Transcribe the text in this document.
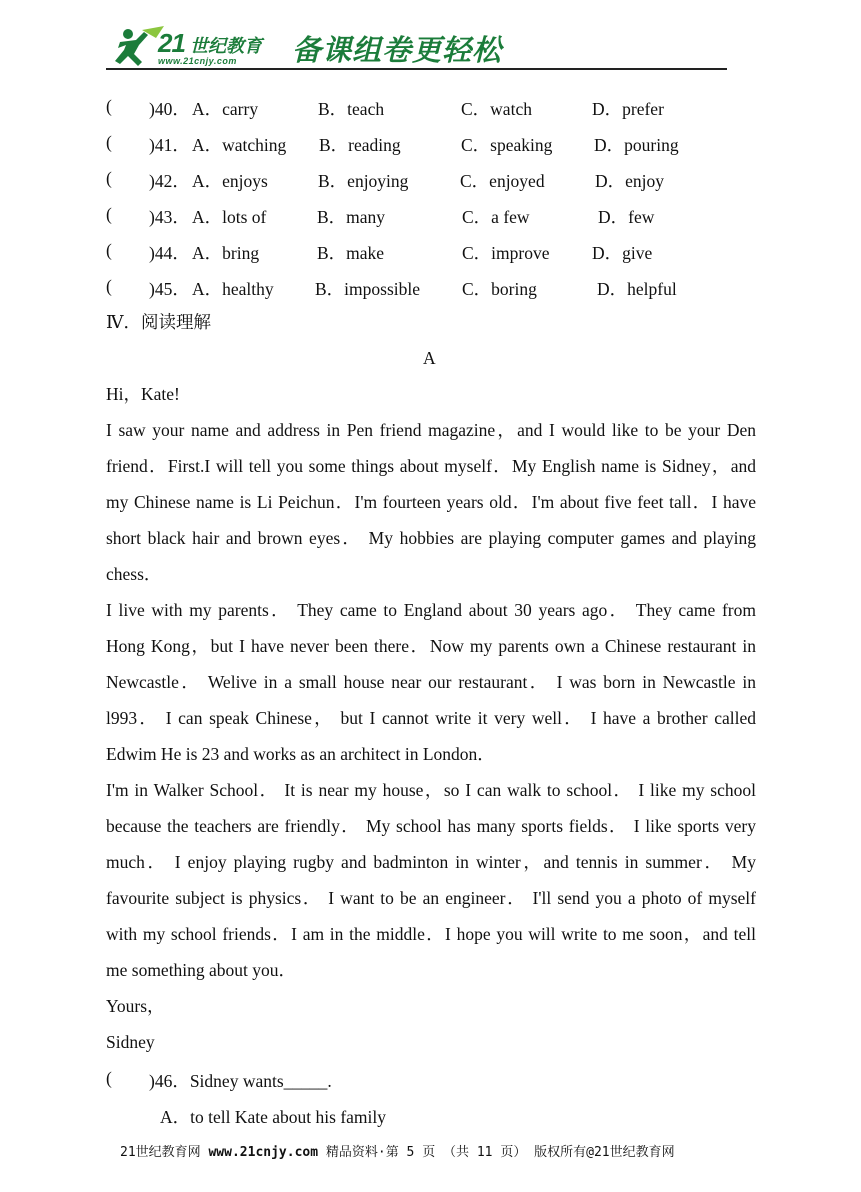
21 世纪教育
www.21cnjy.com 备课组卷更轻松
( )40． A．carry	B．teach	C．watch	D．prefer
( )41． A．watching B．reading	C．speaking D．pouring
( )42． A．enjoys	B．enjoying	C．enjoyed	D．enjoy
( )43． A．lots of	B．many	C．a few	D．few
( )44． A．bring	B．make	C．improve D．give
( )45． A．healthy B．impossible C．boring	D．helpful
Ⅳ．阅读理解
A
Hi，Kate!
I saw your name and address in Pen friend magazine，and I would like to be your Den
friend．First.I will tell you some things about myself．My English name is Sidney，and
my Chinese name is Li Peichun．I'm fourteen years old．I'm about five feet tall．I have
short black hair and brown eyes． My hobbies are playing computer games and playing
chess．
I live with my parents． They came to England about 30 years ago． They came from
Hong Kong，but I have never been there．Now my parents own a Chinese restaurant in
Newcastle． Welive in a small house near our restaurant． I was born in Newcastle in
l993． I can speak Chinese， but I cannot write it very well． I have a brother called
Edwim He is 23 and works as an architect in London．
I'm in Walker School． It is near my house，so I can walk to school． I like my school
because the teachers are friendly． My school has many sports fields． I like sports very
much． I enjoy playing rugby and badminton in winter，and tennis in summer． My
favourite subject is physics． I want to be an engineer． I'll send you a photo of myself
with my school friends．I am in the middle．I hope you will write to me soon，and tell
me something about you．
Yours，
Sidney
( )46．Sidney wants_____.
A．to tell Kate about his family
21世纪教育网 www.21cnjy.com 精品资料·第 5 页 （共 11 页） 版权所有@21世纪教育网
